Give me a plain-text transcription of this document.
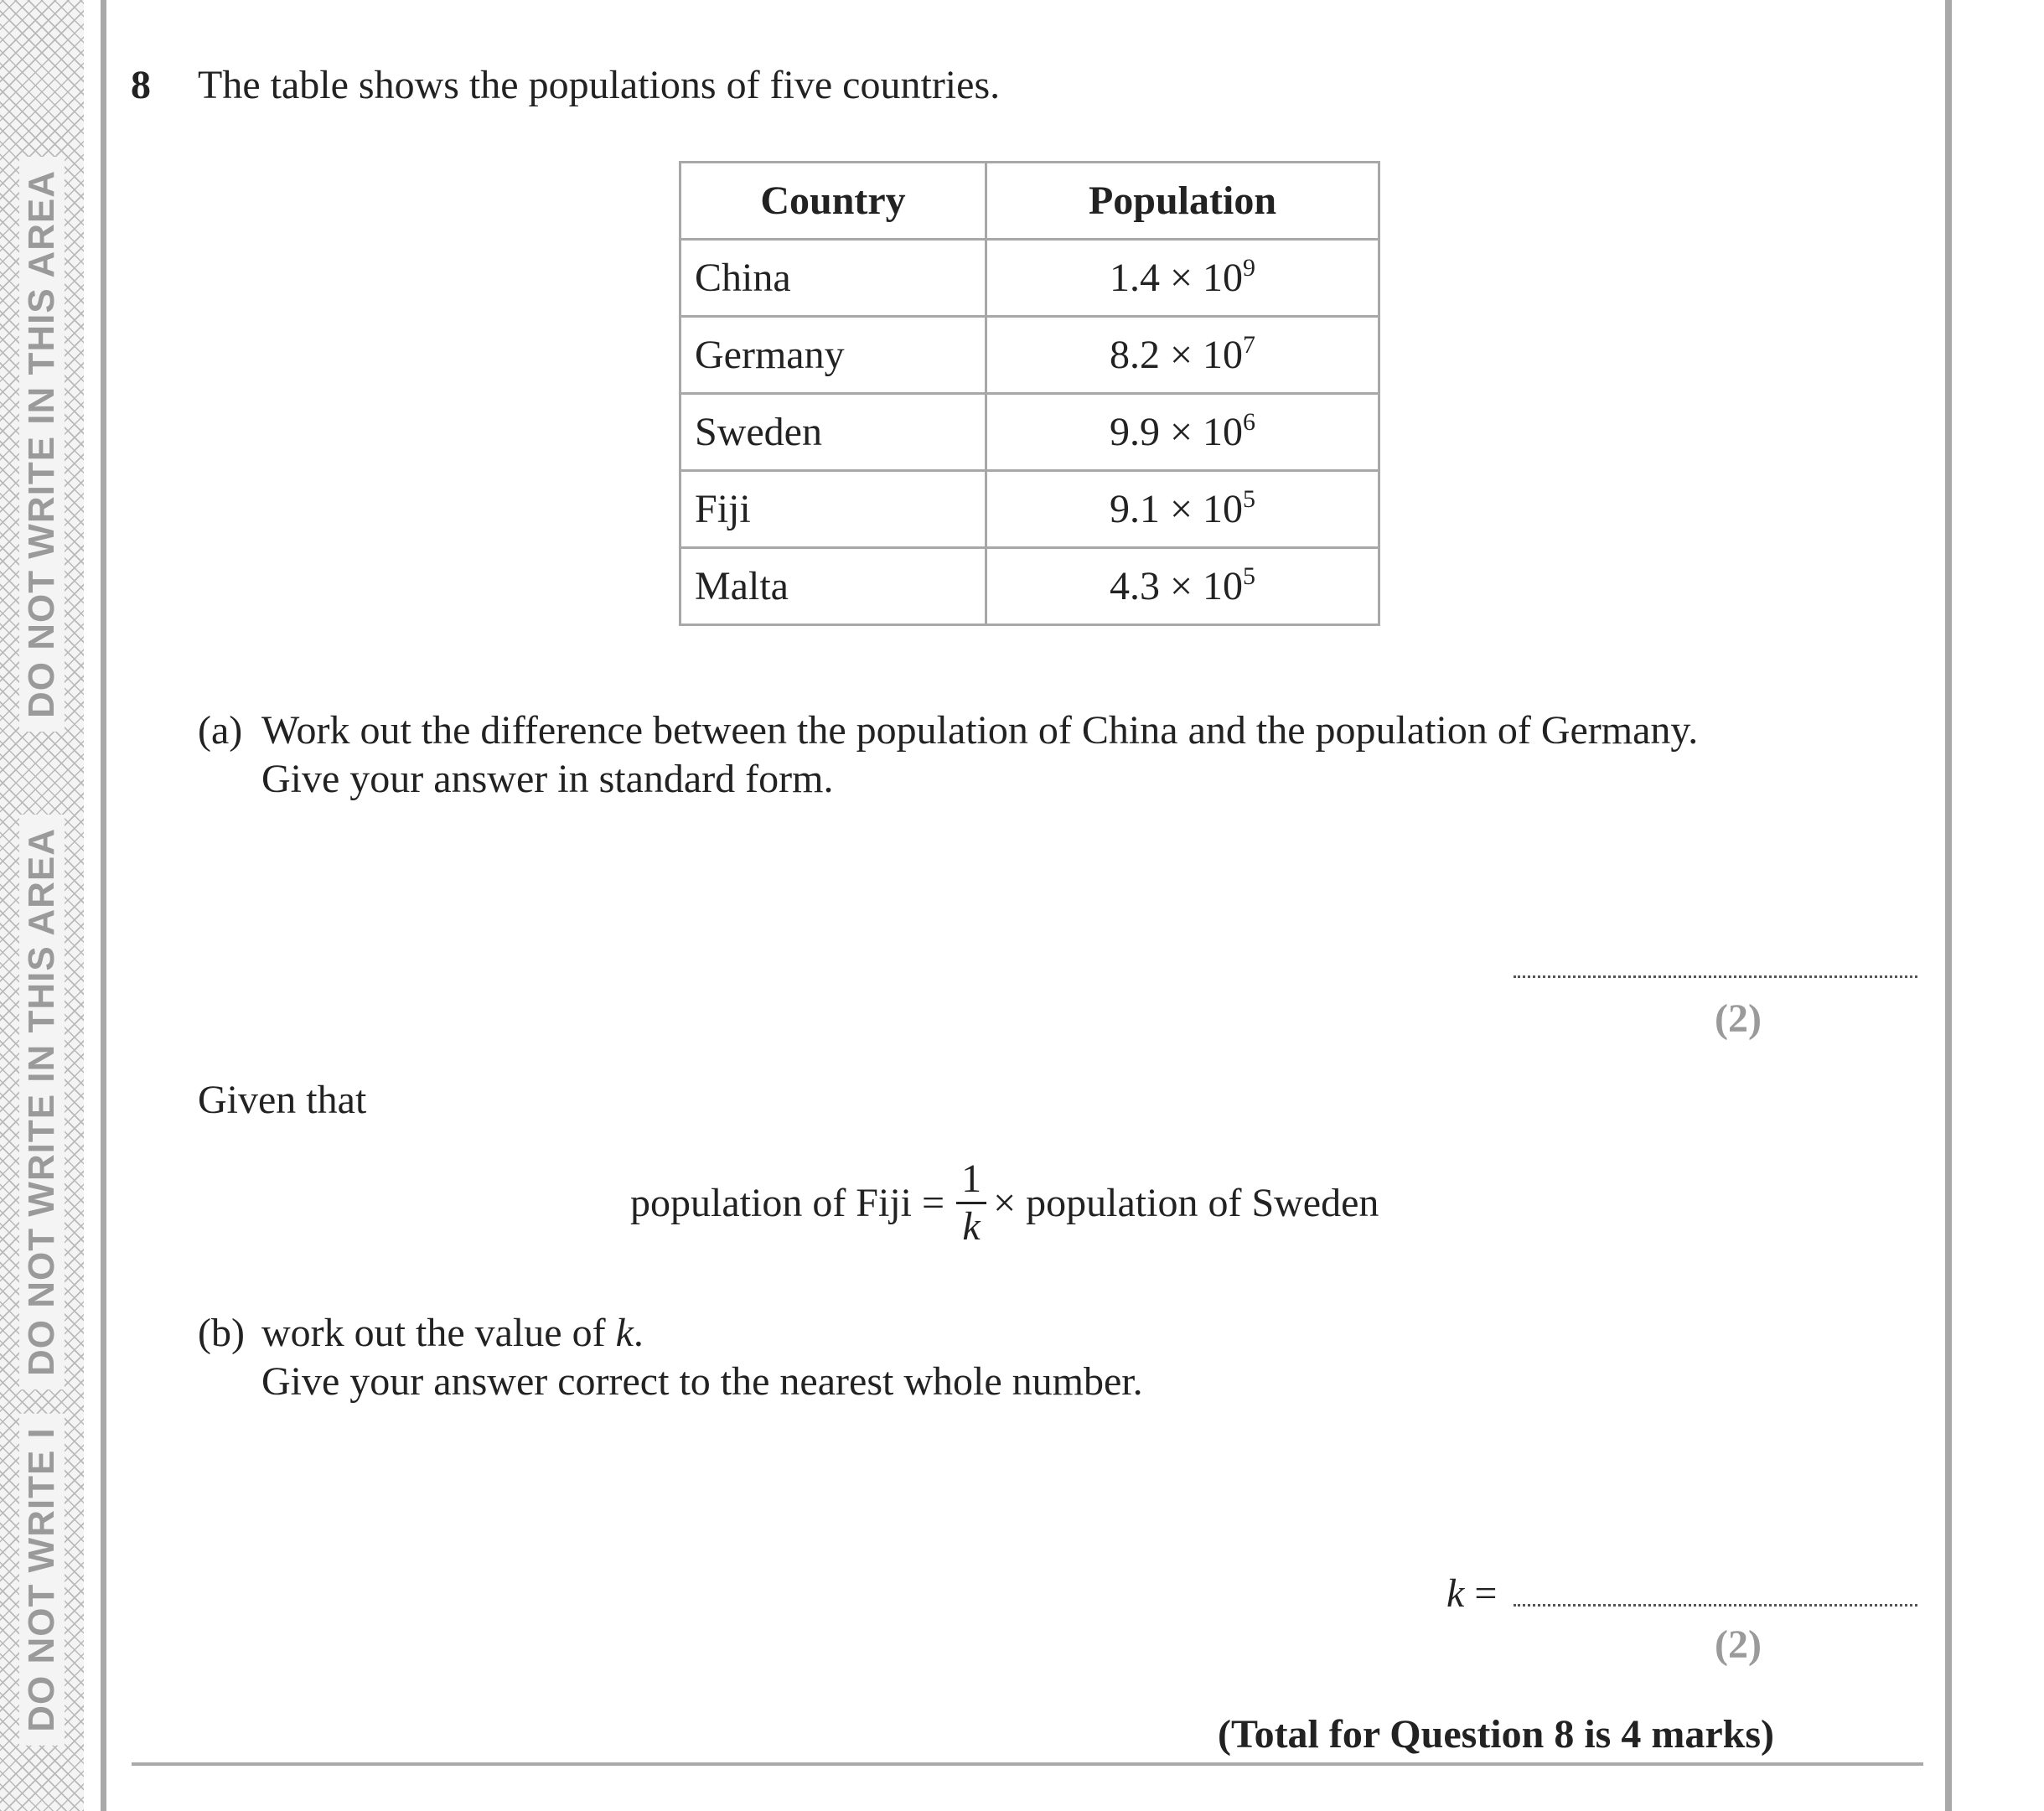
DO NOT WRITE IN THIS AREA
DO NOT WRITE IN THIS AREA
DO NOT WRITE I
8 The table shows the populations of five countries.
Country	Population
China	$1.4 \times 10^9$
Germany	$8.2 \times 10^7$
Sweden	$9.9 \times 10^6$
Fiji	$9.1 \times 10^5$
Malta	$4.3 \times 10^5$
(a) Work out the difference between the population of China and the population of Germany.
Give your answer in standard form.
(2)
Given that
population of Fiji = $\frac{1}{k}$ × population of Sweden
(b) work out the value of k.
Give your answer correct to the nearest whole number.
k =
(2)
(Total for Question 8 is 4 marks)
